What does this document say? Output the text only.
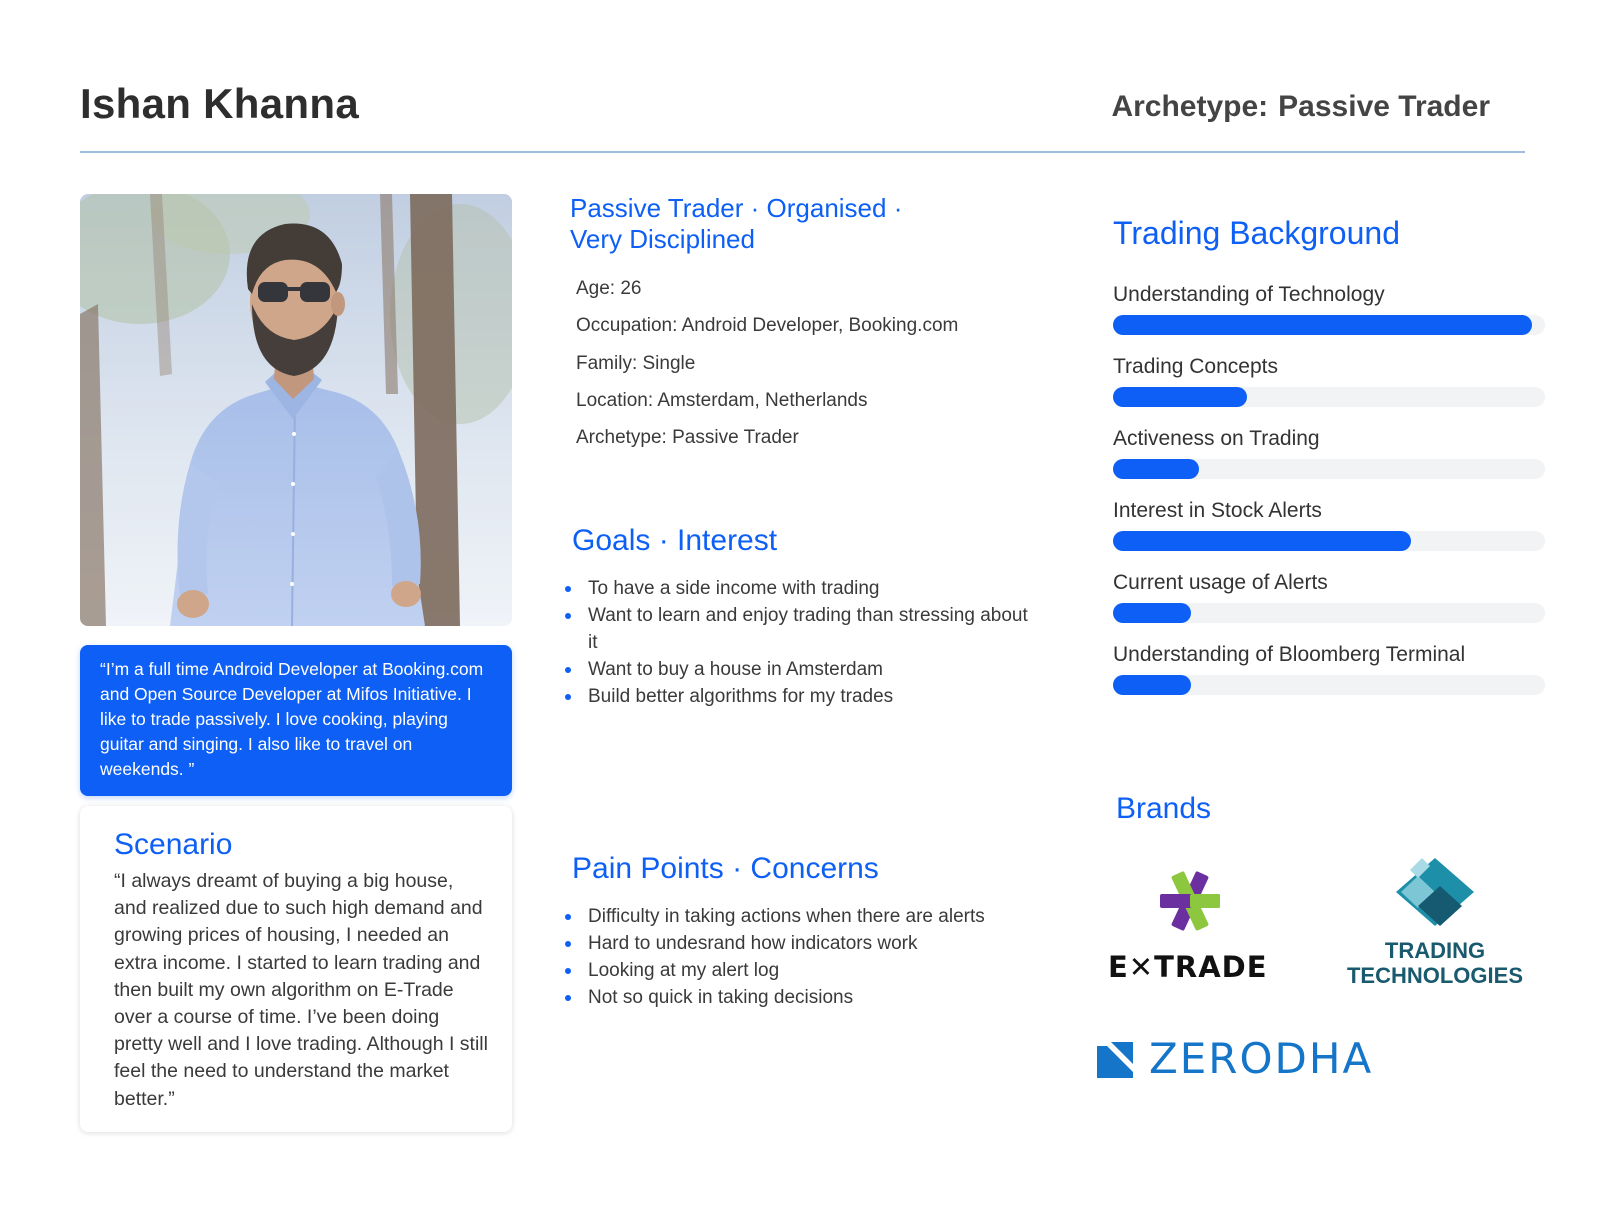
Ishan Khanna	Archetype: Passive Trader
“I’m a full time Android Developer at Booking.com and Open Source Developer at Mifos Initiative. I like to trade passively. I love cooking, playing guitar and singing. I also like to travel on weekends. ”
Scenario

“I always dreamt of buying a big house, and realized due to such high demand and growing prices of housing, I needed an extra income. I started to learn trading and then built my own algorithm on E-Trade over a course of time. I’ve been doing pretty well and I love trading. Although I still feel the need to understand the market better.”

Passive Trader · Organised ·
Very Disciplined
Age: 26
Occupation: Android Developer, Booking.com
Family: Single
Location: Amsterdam, Netherlands
Archetype: Passive Trader
Goals · Interest
To have a side income with trading
Want to learn and enjoy trading than stressing about it
Want to buy a house in Amsterdam
Build better algorithms for my trades
Pain Points · Concerns
Difficulty in taking actions when there are alerts
Hard to undesrand how indicators work
Looking at my alert log
Not so quick in taking decisions
Trading Background
Understanding of Technology
Trading Concepts
Activeness on Trading
Interest in Stock Alerts
Current usage of Alerts
Understanding of Bloomberg Terminal
Brands
E✕TRADE	TRADING
TECHNOLOGIES
ZERODHA
